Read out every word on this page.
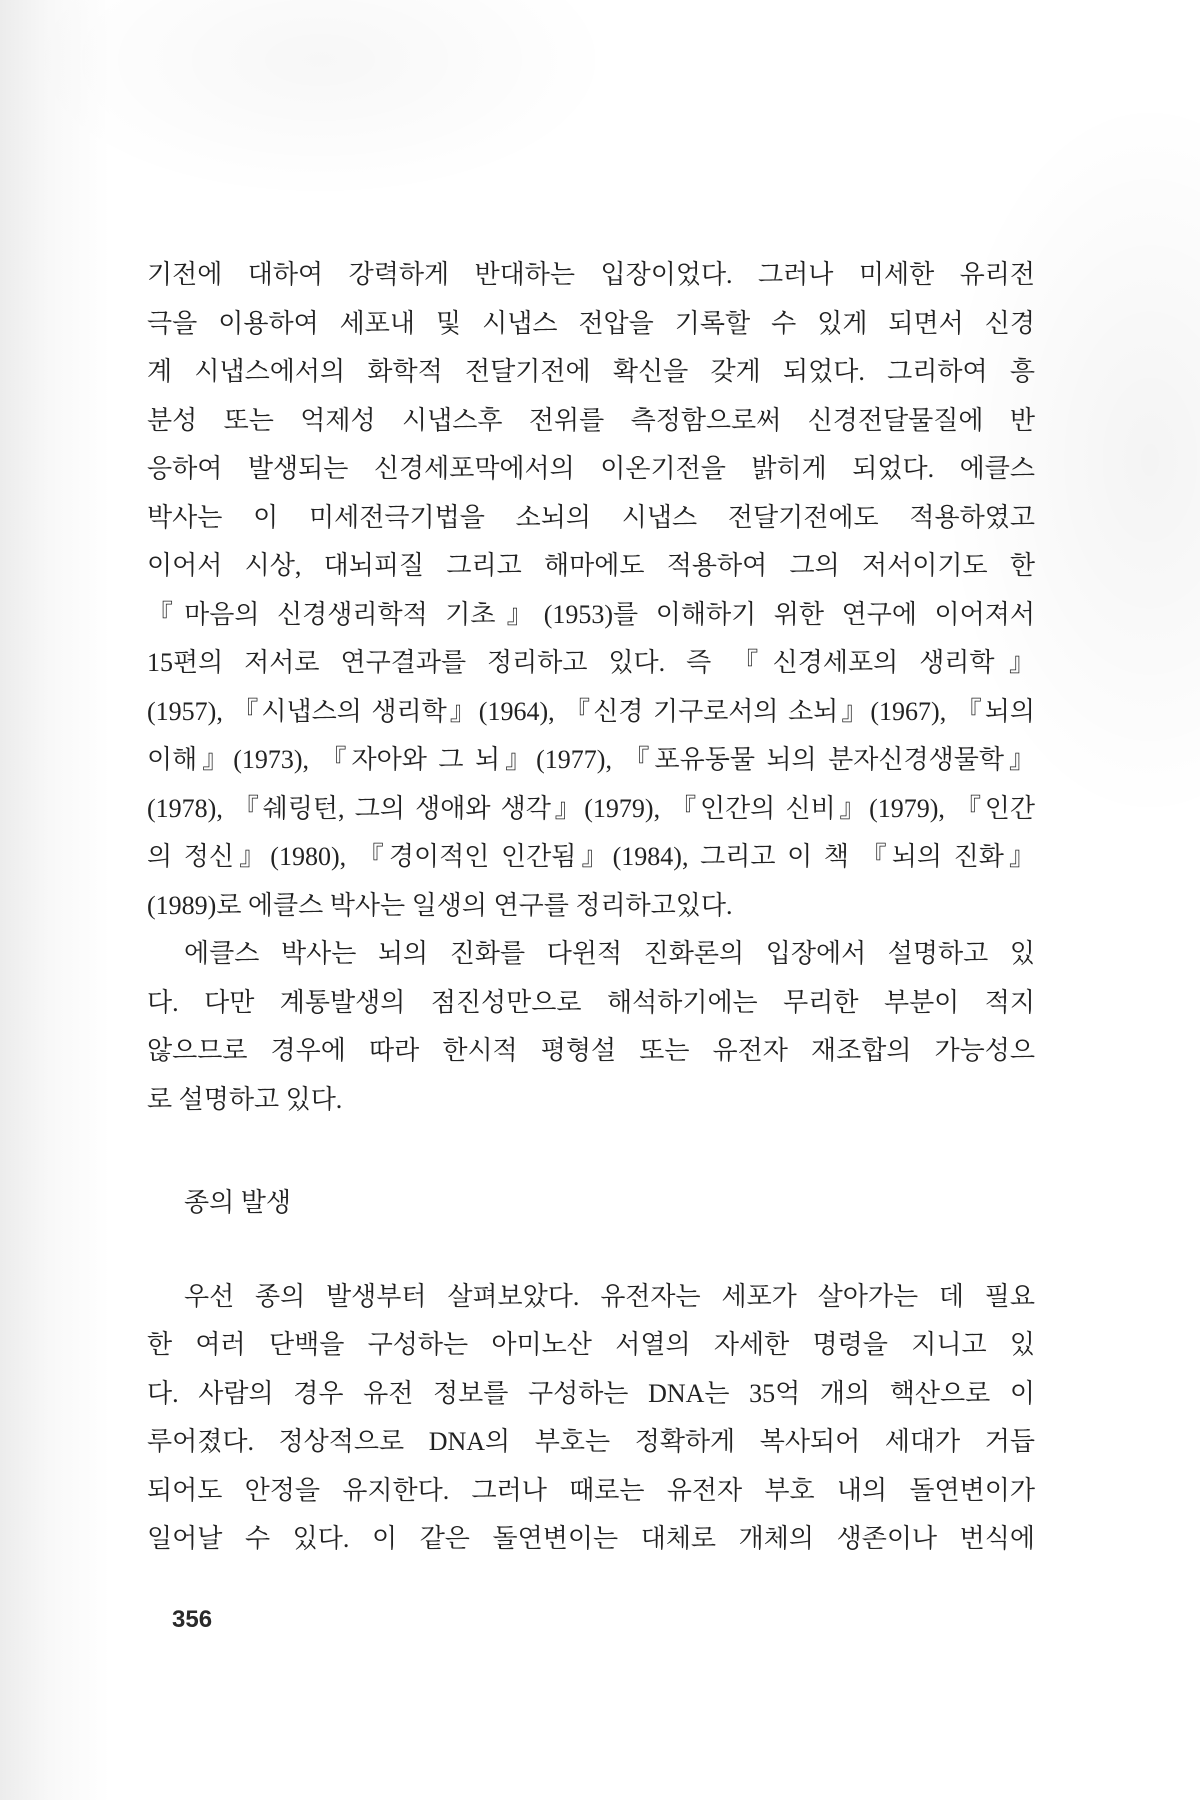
기전에 대하여 강력하게 반대하는 입장이었다. 그러나 미세한 유리전
극을 이용하여 세포내 및 시냅스 전압을 기록할 수 있게 되면서 신경
계 시냅스에서의 화학적 전달기전에 확신을 갖게 되었다. 그리하여 흥
분성 또는 억제성 시냅스후 전위를 측정함으로써 신경전달물질에 반
응하여 발생되는 신경세포막에서의 이온기전을 밝히게 되었다. 에클스
박사는 이 미세전극기법을 소뇌의 시냅스 전달기전에도 적용하였고
이어서 시상, 대뇌피질 그리고 해마에도 적용하여 그의 저서이기도 한
『마음의 신경생리학적 기초』(1953)를 이해하기 위한 연구에 이어져서
15편의 저서로 연구결과를 정리하고 있다. 즉 『신경세포의 생리학』
(1957), 『시냅스의 생리학』(1964), 『신경 기구로서의 소뇌』(1967), 『뇌의
이해』(1973), 『자아와 그 뇌』(1977), 『포유동물 뇌의 분자신경생물학』
(1978), 『쉐링턴, 그의 생애와 생각』(1979), 『인간의 신비』(1979), 『인간
의 정신』(1980), 『경이적인 인간됨』(1984), 그리고 이 책 『뇌의 진화』
(1989)로 에클스 박사는 일생의 연구를 정리하고있다.
에클스 박사는 뇌의 진화를 다윈적 진화론의 입장에서 설명하고 있
다. 다만 계통발생의 점진성만으로 해석하기에는 무리한 부분이 적지
않으므로 경우에 따라 한시적 평형설 또는 유전자 재조합의 가능성으
로 설명하고 있다.
종의 발생
우선 종의 발생부터 살펴보았다. 유전자는 세포가 살아가는 데 필요
한 여러 단백을 구성하는 아미노산 서열의 자세한 명령을 지니고 있
다. 사람의 경우 유전 정보를 구성하는 DNA는 35억 개의 핵산으로 이
루어졌다. 정상적으로 DNA의 부호는 정확하게 복사되어 세대가 거듭
되어도 안정을 유지한다. 그러나 때로는 유전자 부호 내의 돌연변이가
일어날 수 있다. 이 같은 돌연변이는 대체로 개체의 생존이나 번식에
356
